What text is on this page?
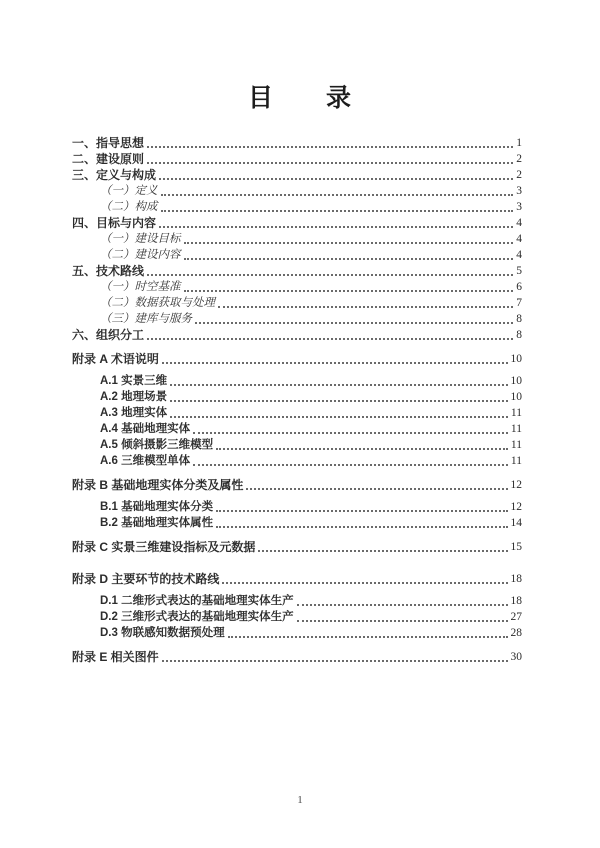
目　　录
一、指导思想	1
二、建设原则	2
三、定义与构成	2
（一）定义	3
（二）构成	3
四、目标与内容	4
（一）建设目标	4
（二）建设内容	4
五、技术路线	5
（一）时空基准	6
（二）数据获取与处理	7
（三）建库与服务	8
六、组织分工	8
附录 A 术语说明	10
A.1 实景三维	10
A.2 地理场景	10
A.3 地理实体	11
A.4 基础地理实体	11
A.5 倾斜摄影三维模型	11
A.6 三维模型单体	11
附录 B 基础地理实体分类及属性	12
B.1 基础地理实体分类	12
B.2 基础地理实体属性	14
附录 C 实景三维建设指标及元数据	15
附录 D 主要环节的技术路线	18
D.1 二维形式表达的基础地理实体生产	18
D.2 三维形式表达的基础地理实体生产	27
D.3 物联感知数据预处理	28
附录 E 相关图件	30
1
